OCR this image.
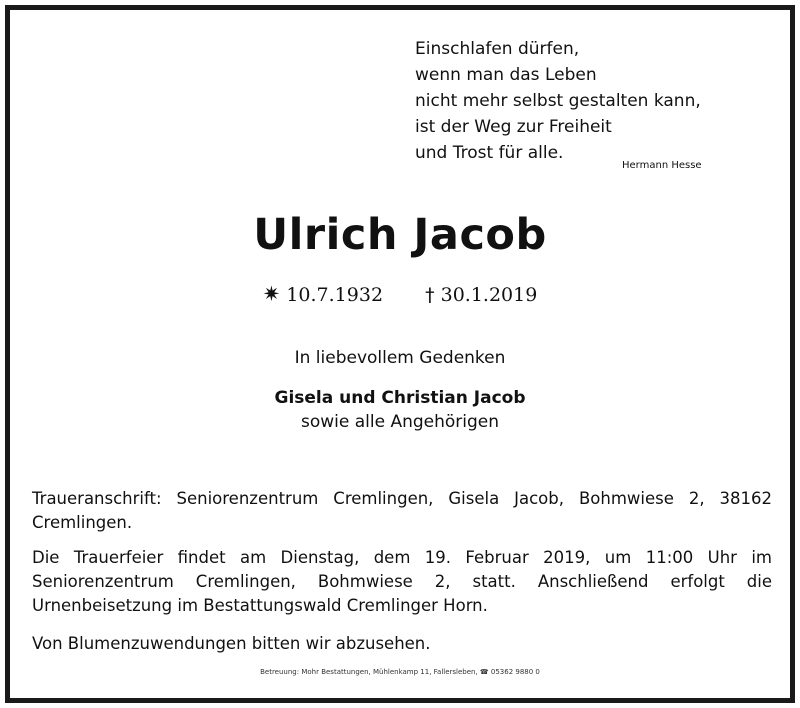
Einschlafen dürfen,
wenn man das Leben
nicht mehr selbst gestalten kann,
ist der Weg zur Freiheit
und Trost für alle.
Hermann Hesse
Ulrich Jacob
✷ 10.7.1932 † 30.1.2019
In liebevollem Gedenken
Gisela und Christian Jacob
sowie alle Angehörigen

Traueranschrift: Seniorenzentrum Cremlingen, Gisela Jacob, Bohmwiese 2, 38162 Cremlingen.

Die Trauerfeier findet am Dienstag, dem 19. Februar 2019, um 11:00 Uhr im Seniorenzentrum Cremlingen, Bohmwiese 2, statt. Anschließend erfolgt die Urnenbeisetzung im Bestattungswald Cremlinger Horn.

Von Blumenzuwendungen bitten wir abzusehen.

Betreuung: Mohr Bestattungen, Mühlenkamp 11, Fallersleben, ☎ 05362 9880 0
